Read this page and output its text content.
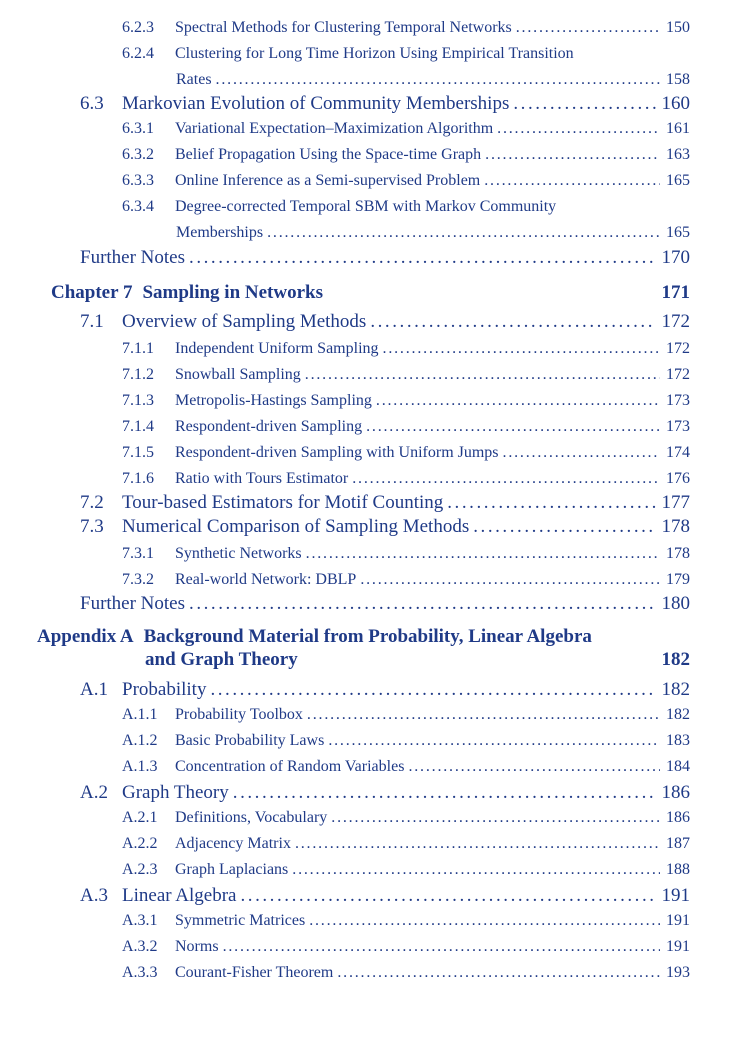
6.2.3	Spectral Methods for Clustering Temporal Networks . . .	150
6.2.4	Clustering for Long Time Horizon Using Empirical Transition
Rates . . .	158
6.3 Markovian Evolution of Community Memberships . . .	160
6.3.1	Variational Expectation–Maximization Algorithm . . .	161
6.3.2	Belief Propagation Using the Space-time Graph . . .	163
6.3.3	Online Inference as a Semi-supervised Problem . . .	165
6.3.4	Degree-corrected Temporal SBM with Markov Community
Memberships . . .	165
Further Notes . . .	170
Chapter 7 Sampling in Networks	171
7.1 Overview of Sampling Methods . . .	172
7.1.1	Independent Uniform Sampling . . .	172
7.1.2	Snowball Sampling . . .	172
7.1.3	Metropolis-Hastings Sampling . . .	173
7.1.4	Respondent-driven Sampling . . .	173
7.1.5	Respondent-driven Sampling with Uniform Jumps . . .	174
7.1.6	Ratio with Tours Estimator . . .	176
7.2 Tour-based Estimators for Motif Counting . . .	177
7.3 Numerical Comparison of Sampling Methods . . .	178
7.3.1	Synthetic Networks . . .	178
7.3.2	Real-world Network: DBLP . . .	179
Further Notes . . .	180
Appendix A Background Material from Probability, Linear Algebra
and Graph Theory	182
A.1 Probability . . .	182
A.1.1	Probability Toolbox . . .	182
A.1.2	Basic Probability Laws . . .	183
A.1.3	Concentration of Random Variables . . .	184
A.2 Graph Theory . . .	186
A.2.1	Definitions, Vocabulary . . .	186
A.2.2	Adjacency Matrix . . .	187
A.2.3	Graph Laplacians . . .	188
A.3 Linear Algebra . . .	191
A.3.1	Symmetric Matrices . . .	191
A.3.2	Norms . . .	191
A.3.3	Courant-Fisher Theorem . . .	193
